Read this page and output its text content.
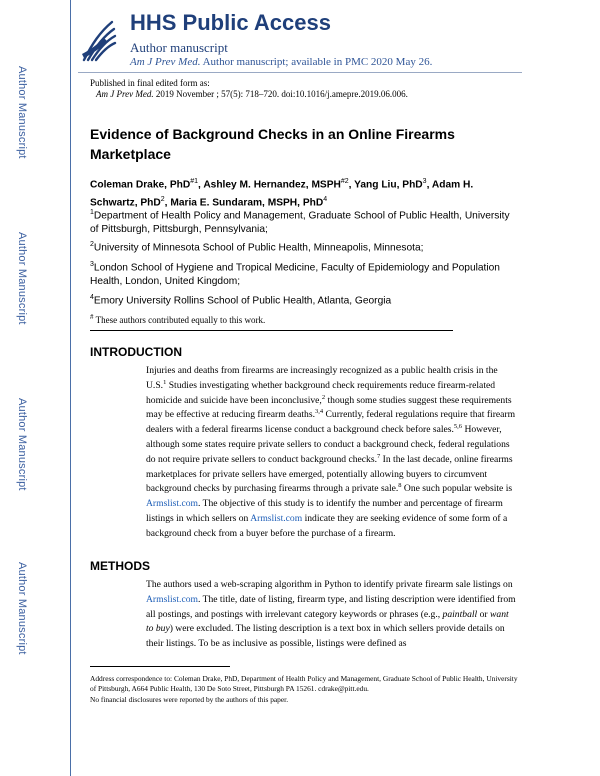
Author Manuscript
Author Manuscript
Author Manuscript
Author Manuscript
HHS Public Access
Author manuscript
Am J Prev Med. Author manuscript; available in PMC 2020 May 26.
Published in final edited form as:
Am J Prev Med. 2019 November ; 57(5): 718–720. doi:10.1016/j.amepre.2019.06.006.
Evidence of Background Checks in an Online Firearms Marketplace
Coleman Drake, PhD$^{\#1}$, Ashley M. Hernandez, MSPH$^{\#2}$, Yang Liu, PhD$^3$, Adam H. Schwartz, PhD$^2$, Maria E. Sundaram, MSPH, PhD$^4$
$^1$Department of Health Policy and Management, Graduate School of Public Health, University of Pittsburgh, Pittsburgh, Pennsylvania;
$^2$University of Minnesota School of Public Health, Minneapolis, Minnesota;
$^3$London School of Hygiene and Tropical Medicine, Faculty of Epidemiology and Population Health, London, United Kingdom;
$^4$Emory University Rollins School of Public Health, Atlanta, Georgia
# These authors contributed equally to this work.
INTRODUCTION
Injuries and deaths from firearms are increasingly recognized as a public health crisis in the U.S.$^1$ Studies investigating whether background check requirements reduce firearm-related homicide and suicide have been inconclusive,$^2$ though some studies suggest these requirements may be effective at reducing firearm deaths.$^{3,4}$ Currently, federal regulations require that firearm dealers with a federal firearms license conduct a background check before sales.$^{5,6}$ However, although some states require private sellers to conduct a background check, federal regulations do not require private sellers to conduct background checks.$^7$ In the last decade, online firearms marketplaces for private sellers have emerged, potentially allowing buyers to circumvent background checks by purchasing firearms through a private sale.$^8$ One such popular website is Armslist.com. The objective of this study is to identify the number and percentage of firearm listings in which sellers on Armslist.com indicate they are seeking evidence of some form of a background check from a buyer before the purchase of a firearm.
METHODS
The authors used a web-scraping algorithm in Python to identify private firearm sale listings on Armslist.com. The title, date of listing, firearm type, and listing description were identified from all postings, and postings with irrelevant category keywords or phrases (e.g., paintball or want to buy) were excluded. The listing description is a text box in which sellers provide details on their listings. To be as inclusive as possible, listings were defined as
Address correspondence to: Coleman Drake, PhD, Department of Health Policy and Management, Graduate School of Public Health, University of Pittsburgh, A664 Public Health, 130 De Soto Street, Pittsburgh PA 15261. cdrake@pitt.edu.
No financial disclosures were reported by the authors of this paper.
